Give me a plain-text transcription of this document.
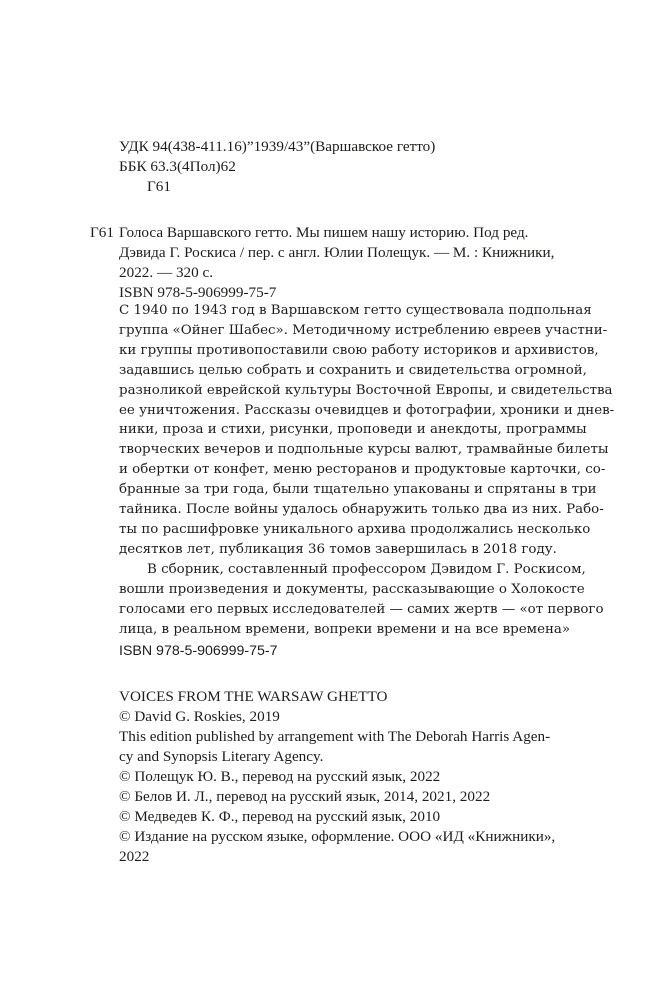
УДК 94(438-411.16)”1939/43”(Варшавское гетто)
ББК 63.3(4Пол)62
Г61
Г61 Голоса Варшавского гетто. Мы пишем нашу историю. Под ред.
Дэвида Г. Роскиса / пер. с англ. Юлии Полещук. — М. : Книжники,
2022. — 320 с.
ISBN 978-5-906999-75-7
С 1940 по 1943 год в Варшавском гетто существовала подпольная
группа «Ойнег Шабес». Методичному истреблению евреев участни-
ки группы противопоставили свою работу историков и архивистов,
задавшись целью собрать и сохранить и свидетельства огромной,
разноликой еврейской культуры Восточной Европы, и свидетельства
ее уничтожения. Рассказы очевидцев и фотографии, хроники и днев-
ники, проза и стихи, рисунки, проповеди и анекдоты, программы
творческих вечеров и подпольные курсы валют, трамвайные билеты
и обертки от конфет, меню ресторанов и продуктовые карточки, со-
бранные за три года, были тщательно упакованы и спрятаны в три
тайника. После войны удалось обнаружить только два из них. Рабо-
ты по расшифровке уникального архива продолжались несколько
десятков лет, публикация 36 томов завершилась в 2018 году.
В сборник, составленный профессором Дэвидом Г. Роскисом,
вошли произведения и документы, рассказывающие о Холокосте
голосами его первых исследователей — самих жертв — «от первого
лица, в реальном времени, вопреки времени и на все времена»
ISBN 978-5-906999-75-7
VOICES FROM THE WARSAW GHETTO
© David G. Roskies, 2019
This edition published by arrangement with The Deborah Harris Agen-
cy and Synopsis Literary Agency.
© Полещук Ю. В., перевод на русский язык, 2022
© Белов И. Л., перевод на русский язык, 2014, 2021, 2022
© Медведев К. Ф., перевод на русский язык, 2010
© Издание на русском языке, оформление. ООО «ИД «Книжники»,
2022
